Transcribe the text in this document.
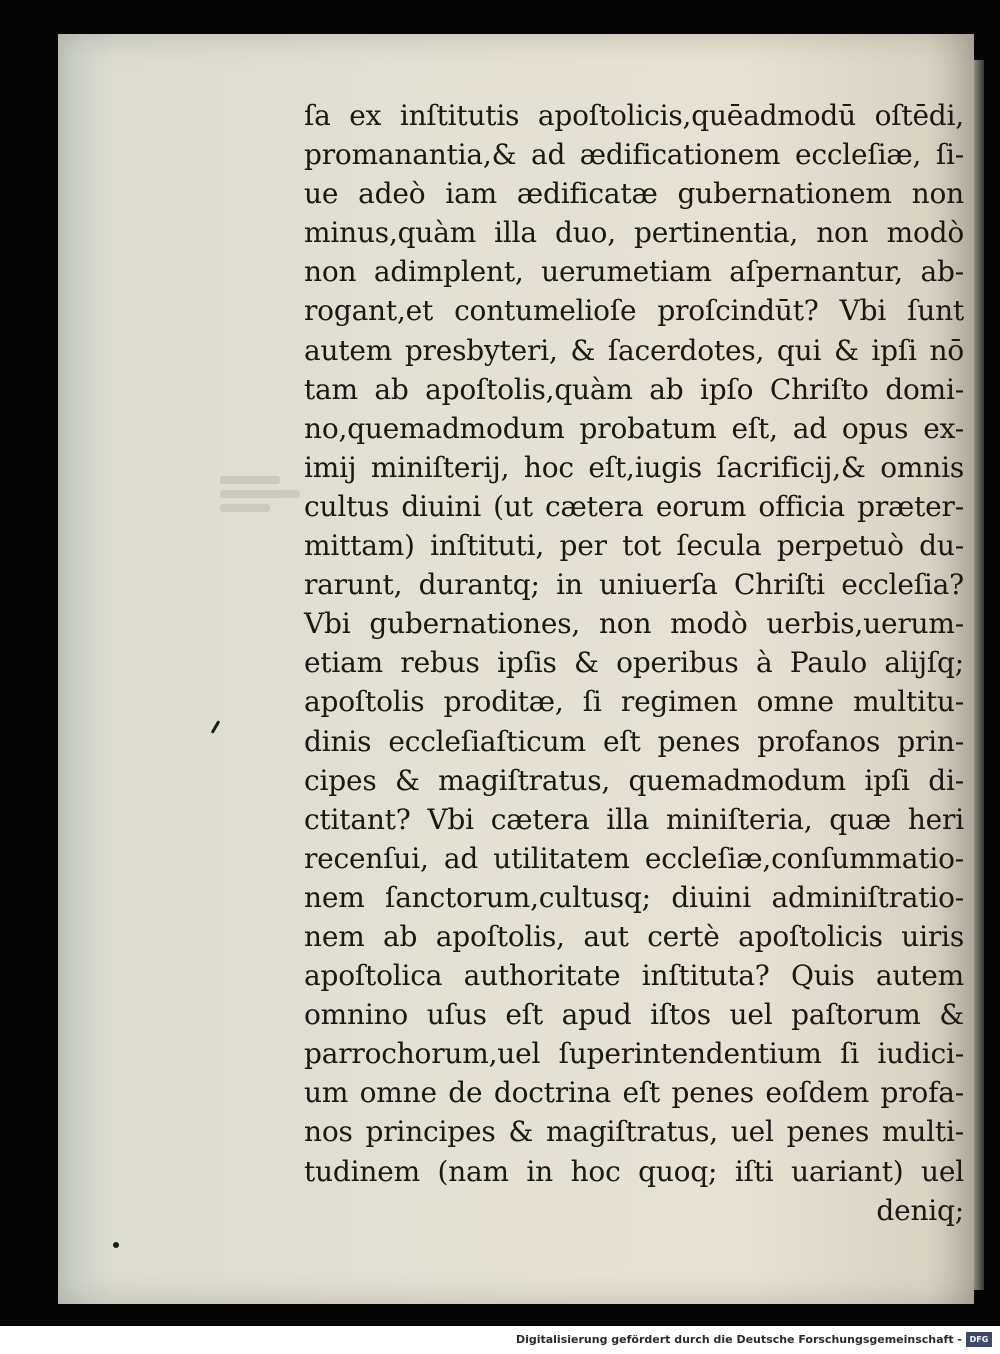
ſa ex inſtitutis apoſtolicis,quēadmodū oſtēdi,
promanantia,& ad ædificationem eccleſiæ, ſi-
ue adeò iam ædificatæ gubernationem non
minus,quàm illa duo, pertinentia, non modò
non adimplent, uerumetiam aſpernantur, ab-
rogant,et contumelioſe proſcindūt? Vbi ſunt
autem presbyteri, & ſacerdotes, qui & ipſi nō
tam ab apoſtolis,quàm ab ipſo Chriſto domi-
no,quemadmodum probatum eſt, ad opus ex-
imij miniſterij, hoc eſt,iugis ſacrificij,& omnis
cultus diuini (ut cætera eorum officia præter-
mittam) inſtituti, per tot ſecula perpetuò du-
rarunt, durantq; in uniuerſa Chriſti eccleſia?
Vbi gubernationes, non modò uerbis,uerum-
etiam rebus ipſis & operibus à Paulo alijſq;
apoſtolis proditæ, ſi regimen omne multitu-
dinis eccleſiaſticum eſt penes profanos prin-
cipes & magiſtratus, quemadmodum ipſi di-
ctitant? Vbi cætera illa miniſteria, quæ heri
recenſui, ad utilitatem eccleſiæ,conſummatio-
nem ſanctorum,cultusq; diuini adminiſtratio-
nem ab apoſtolis, aut certè apoſtolicis uiris
apoſtolica authoritate inſtituta? Quis autem
omnino uſus eſt apud iſtos uel paſtorum &
parrochorum,uel ſuperintendentium ſi iudici-
um omne de doctrina eſt penes eoſdem profa-
nos principes & magiſtratus, uel penes multi-
tudinem (nam in hoc quoq; iſti uariant) uel
deniq;
Digitalisierung gefördert durch die Deutsche Forschungsgemeinschaft - DFG
